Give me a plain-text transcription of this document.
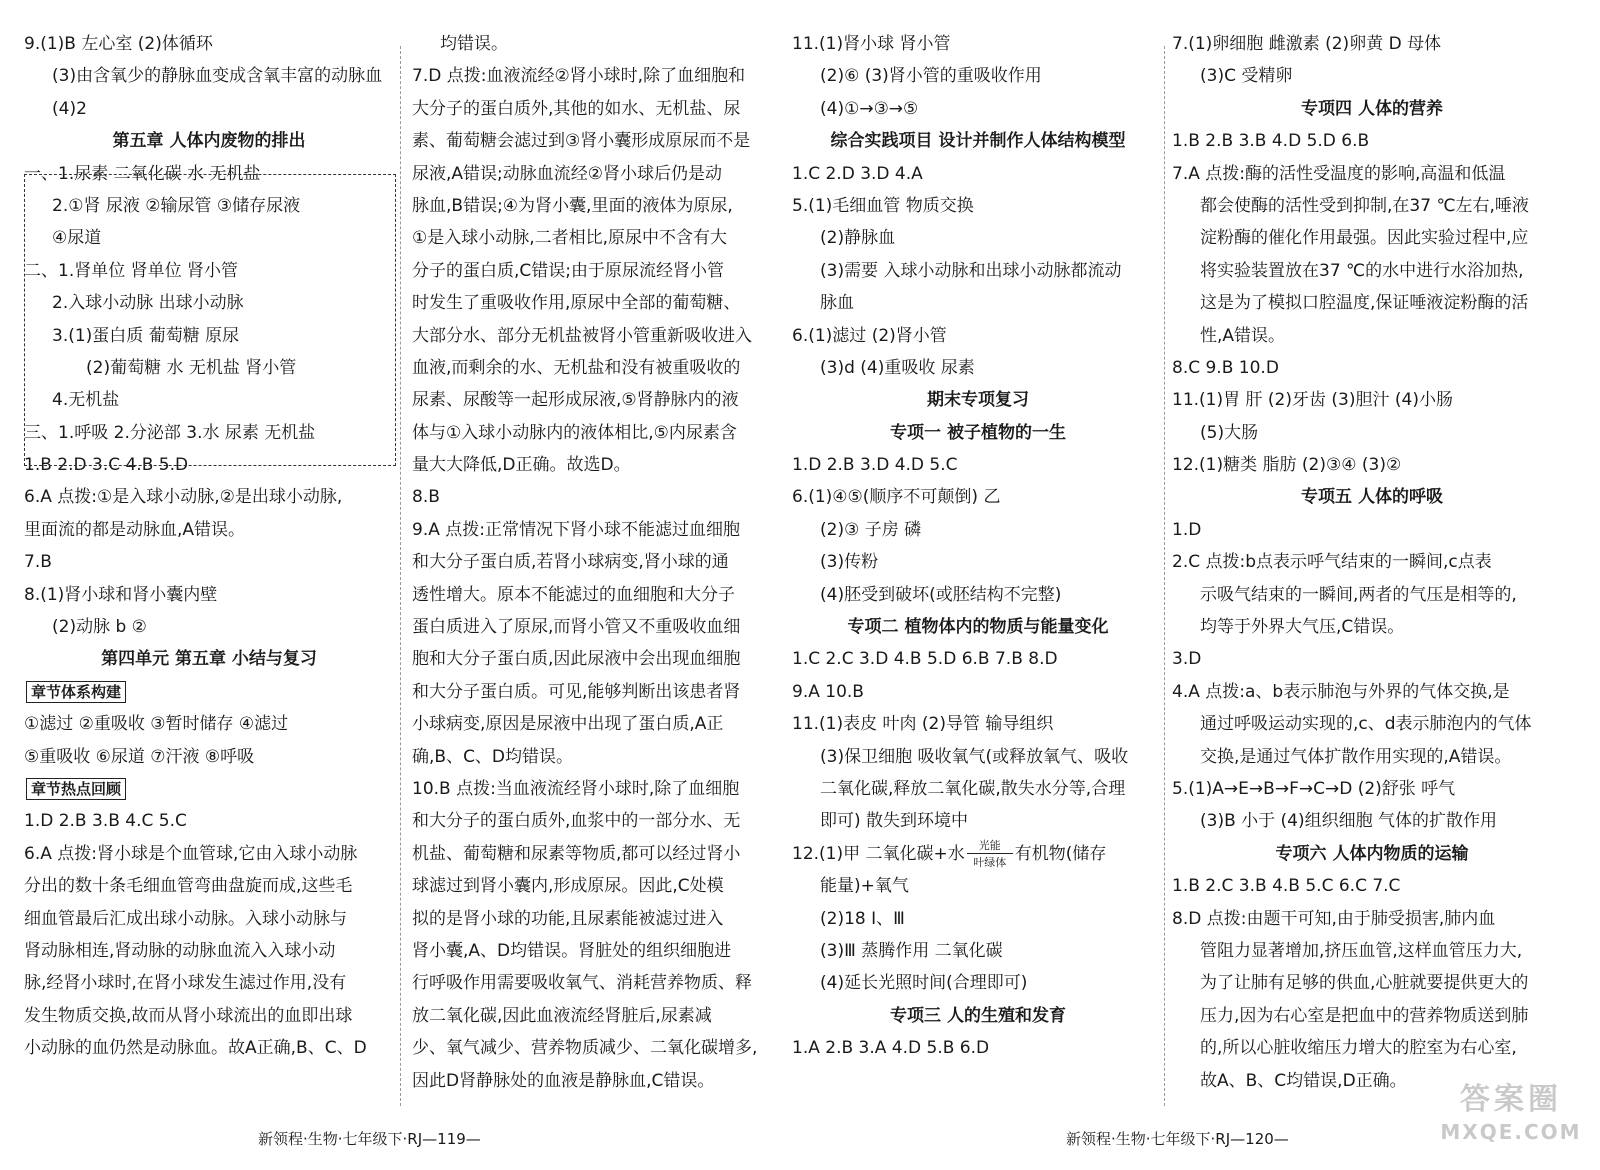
9.(1)B 左心室 (2)体循环
(3)由含氧少的静脉血变成含氧丰富的动脉血
(4)2
第五章 人体内废物的排出
一、1.尿素 二氧化碳 水 无机盐
2.①肾 尿液 ②输尿管 ③储存尿液
④尿道
二、1.肾单位 肾单位 肾小管
2.入球小动脉 出球小动脉
3.(1)蛋白质 葡萄糖 原尿
(2)葡萄糖 水 无机盐 肾小管
4.无机盐
三、1.呼吸 2.分泌部 3.水 尿素 无机盐
1.B 2.D 3.C 4.B 5.D
6.A 点拨:①是入球小动脉,②是出球小动脉,
里面流的都是动脉血,A错误。
7.B
8.(1)肾小球和肾小囊内壁
(2)动脉 b ②
第四单元 第五章 小结与复习
章节体系构建
①滤过 ②重吸收 ③暂时储存 ④滤过
⑤重吸收 ⑥尿道 ⑦汗液 ⑧呼吸
章节热点回顾
1.D 2.B 3.B 4.C 5.C
6.A 点拨:肾小球是个血管球,它由入球小动脉
分出的数十条毛细血管弯曲盘旋而成,这些毛
细血管最后汇成出球小动脉。入球小动脉与
肾动脉相连,肾动脉的动脉血流入入球小动
脉,经肾小球时,在肾小球发生滤过作用,没有
发生物质交换,故而从肾小球流出的血即出球
小动脉的血仍然是动脉血。故A正确,B、C、D
均错误。
7.D 点拨:血液流经②肾小球时,除了血细胞和
大分子的蛋白质外,其他的如水、无机盐、尿
素、葡萄糖会滤过到③肾小囊形成原尿而不是
尿液,A错误;动脉血流经②肾小球后仍是动
脉血,B错误;④为肾小囊,里面的液体为原尿,
①是入球小动脉,二者相比,原尿中不含有大
分子的蛋白质,C错误;由于原尿流经肾小管
时发生了重吸收作用,原尿中全部的葡萄糖、
大部分水、部分无机盐被肾小管重新吸收进入
血液,而剩余的水、无机盐和没有被重吸收的
尿素、尿酸等一起形成尿液,⑤肾静脉内的液
体与①入球小动脉内的液体相比,⑤内尿素含
量大大降低,D正确。故选D。
8.B
9.A 点拨:正常情况下肾小球不能滤过血细胞
和大分子蛋白质,若肾小球病变,肾小球的通
透性增大。原本不能滤过的血细胞和大分子
蛋白质进入了原尿,而肾小管又不重吸收血细
胞和大分子蛋白质,因此尿液中会出现血细胞
和大分子蛋白质。可见,能够判断出该患者肾
小球病变,原因是尿液中出现了蛋白质,A正
确,B、C、D均错误。
10.B 点拨:当血液流经肾小球时,除了血细胞
和大分子的蛋白质外,血浆中的一部分水、无
机盐、葡萄糖和尿素等物质,都可以经过肾小
球滤过到肾小囊内,形成原尿。因此,C处模
拟的是肾小球的功能,且尿素能被滤过进入
肾小囊,A、D均错误。肾脏处的组织细胞进
行呼吸作用需要吸收氧气、消耗营养物质、释
放二氧化碳,因此血液流经肾脏后,尿素减
少、氧气减少、营养物质减少、二氧化碳增多,
因此D肾静脉处的血液是静脉血,C错误。
11.(1)肾小球 肾小管
(2)⑥ (3)肾小管的重吸收作用
(4)①→③→⑤
综合实践项目 设计并制作人体结构模型
1.C 2.D 3.D 4.A
5.(1)毛细血管 物质交换
(2)静脉血
(3)需要 入球小动脉和出球小动脉都流动
脉血
6.(1)滤过 (2)肾小管
(3)d (4)重吸收 尿素
期末专项复习
专项一 被子植物的一生
1.D 2.B 3.D 4.D 5.C
6.(1)④⑤(顺序不可颠倒) 乙
(2)③ 子房 磷
(3)传粉
(4)胚受到破坏(或胚结构不完整)
专项二 植物体内的物质与能量变化
1.C 2.C 3.D 4.B 5.D 6.B 7.B 8.D
9.A 10.B
11.(1)表皮 叶肉 (2)导管 输导组织
(3)保卫细胞 吸收氧气(或释放氧气、吸收
二氧化碳,释放二氧化碳,散失水分等,合理
即可) 散失到环境中
12.(1)甲 二氧化碳+水 $\frac{\text{光能}}{\text{叶绿体}}$ 有机物(储存
能量)+氧气
(2)18 Ⅰ、Ⅲ
(3)Ⅲ 蒸腾作用 二氧化碳
(4)延长光照时间(合理即可)
专项三 人的生殖和发育
1.A 2.B 3.A 4.D 5.B 6.D
7.(1)卵细胞 雌激素 (2)卵黄 D 母体
(3)C 受精卵
专项四 人体的营养
1.B 2.B 3.B 4.D 5.D 6.B
7.A 点拨:酶的活性受温度的影响,高温和低温
都会使酶的活性受到抑制,在37 ℃左右,唾液
淀粉酶的催化作用最强。因此实验过程中,应
将实验装置放在37 ℃的水中进行水浴加热,
这是为了模拟口腔温度,保证唾液淀粉酶的活
性,A错误。
8.C 9.B 10.D
11.(1)胃 肝 (2)牙齿 (3)胆汁 (4)小肠
(5)大肠
12.(1)糖类 脂肪 (2)③④ (3)②
专项五 人体的呼吸
1.D
2.C 点拨:b点表示呼气结束的一瞬间,c点表
示吸气结束的一瞬间,两者的气压是相等的,
均等于外界大气压,C错误。
3.D
4.A 点拨:a、b表示肺泡与外界的气体交换,是
通过呼吸运动实现的,c、d表示肺泡内的气体
交换,是通过气体扩散作用实现的,A错误。
5.(1)A→E→B→F→C→D (2)舒张 呼气
(3)B 小于 (4)组织细胞 气体的扩散作用
专项六 人体内物质的运输
1.B 2.C 3.B 4.B 5.C 6.C 7.C
8.D 点拨:由题干可知,由于肺受损害,肺内血
管阻力显著增加,挤压血管,这样血管压力大,
为了让肺有足够的供血,心脏就要提供更大的
压力,因为右心室是把血中的营养物质送到肺
的,所以心脏收缩压力增大的腔室为右心室,
故A、B、C均错误,D正确。
新领程·生物·七年级下·RJ—119—	新领程·生物·七年级下·RJ—120—
答案圈
MXQE.COM
